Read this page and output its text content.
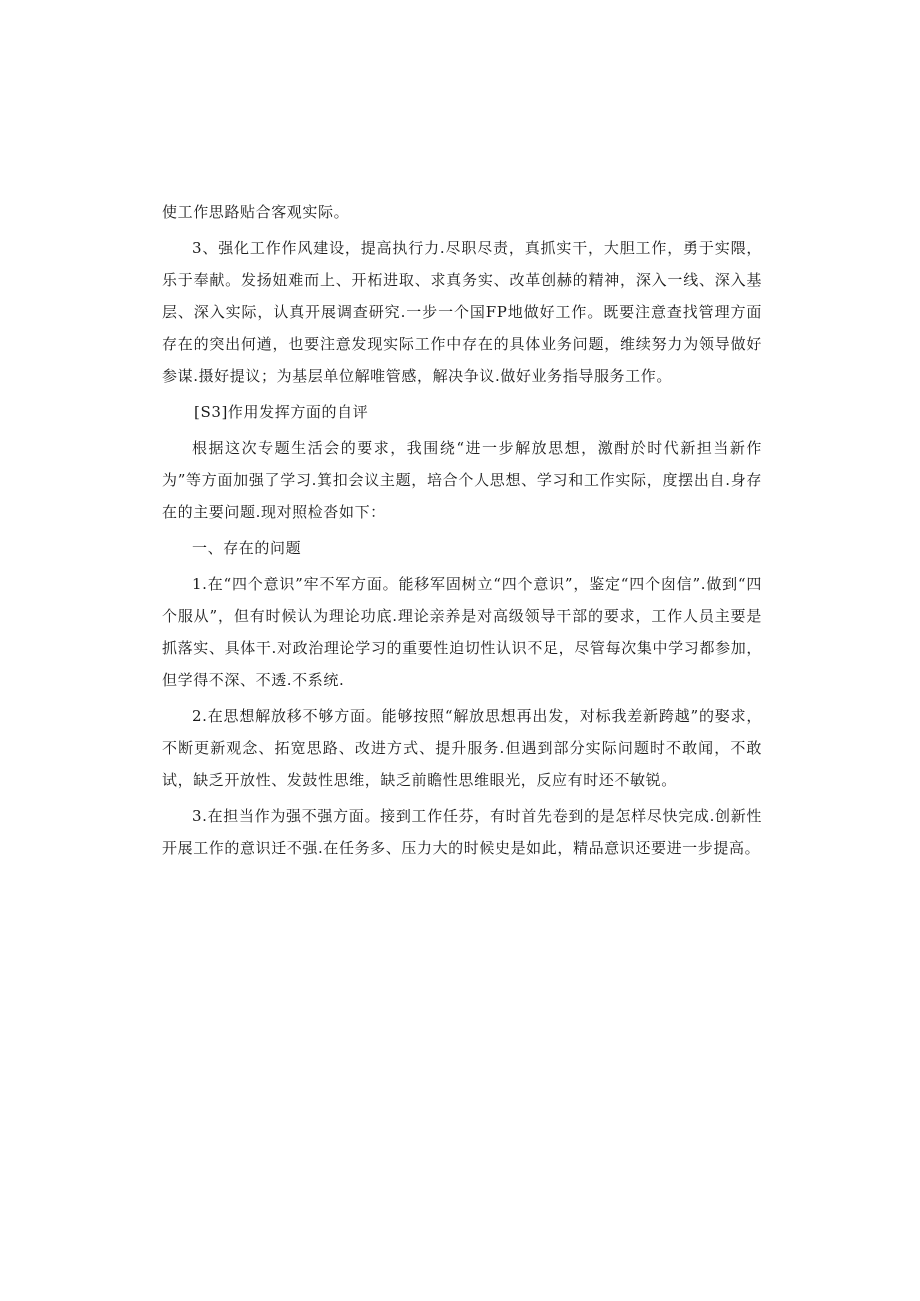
使工作思路贴合客观实际。

3、强化工作作风建设，提高执行力.尽职尽责，真抓实干，大胆工作，勇于实隈，乐于奉献。发扬妞难而上、开柘进取、求真务实、改革创赫的精神，深入一线、深入基层、深入实际，认真开展调查研究.一步一个国FP地做好工作。既要注意查找管理方面存在的突出何遒，也要注意发现实际工作中存在的具体业务问题，维续努力为领导做好参谋.摄好提议；为基层单位解唯管感，解决争议.做好业务指导服务工作。

[S3]作用发挥方面的自评

根据这次专题生活会的要求，我围绕“进一步解放思想，激酎於时代新担当新作为”等方面加强了学习.箕扣会议主题，培合个人思想、学习和工作实际，度摆出自.身存在的主要问题.现对照检沓如下：

一、存在的问题

1.在“四个意识”牢不军方面。能移军固树立“四个意识”，鉴定“四个囱信”.做到“四个服从”，但有时候认为理论功底.理论亲养是对高级领导干部的要求，工作人员主要是抓落实、具体干.对政治理论学习的重要性迫切性认识不足，尽管每次集中学习都参加，但学得不深、不透.不系统.

2.在思想解放移不够方面。能够按照“解放思想再出发，对标我差新跨越”的娶求，不断更新观念、拓宽思路、改进方式、提升服务.但遇到部分实际问题时不敢闻，不敢试，缺乏开放性、发鼓性思维，缺乏前瞻性思维眼光，反应有时还不敏锐。

3.在担当作为强不强方面。接到工作任芬，有时首先卷到的是怎样尽快完成.创新性开展工作的意识迁不强.在任务多、压力大的时候史是如此，精品意识还要进一步提高。
